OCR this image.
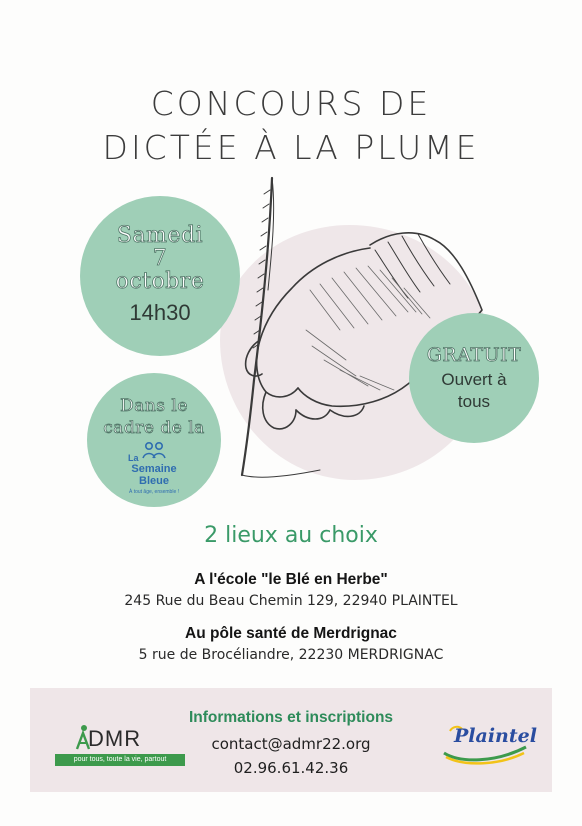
CONCOURS DE
DICTÉE À LA PLUME
Samedi
7
octobre
14h30
GRATUIT
Ouvert à
tous
Dans le
cadre de la
La
Semaine
Bleue
À tout âge, ensemble !
2 lieux au choix
A l'école "le Blé en Herbe"
245 Rue du Beau Chemin 129, 22940 PLAINTEL
Au pôle santé de Merdrignac
5 rue de Brocéliandre, 22230 MERDRIGNAC
Informations et inscriptions
contact@admr22.org
02.96.61.42.36
DMR
pour tous, toute la vie, partout
Plaintel
